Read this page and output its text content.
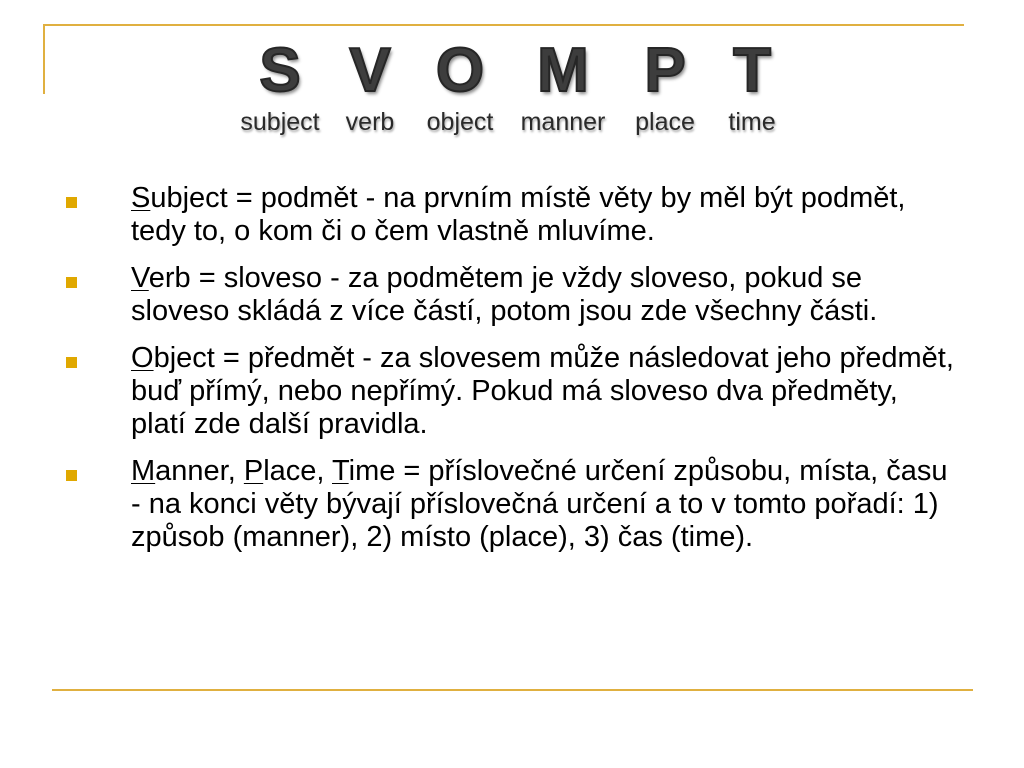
S
subject
V
verb
O
object
M
manner
P
place
T
time
Subject = podmět - na prvním místě věty by měl být podmět, tedy to, o kom či o čem vlastně mluvíme.
Verb = sloveso - za podmětem je vždy sloveso, pokud se sloveso skládá z více částí, potom jsou zde všechny části.
Object = předmět - za slovesem může následovat jeho předmět, buď přímý, nebo nepřímý. Pokud má sloveso dva předměty, platí zde další pravidla.
Manner, Place, Time = příslovečné určení způsobu, místa, času - na konci věty bývají příslovečná určení a to v tomto pořadí: 1) způsob (manner), 2) místo (place), 3) čas (time).
